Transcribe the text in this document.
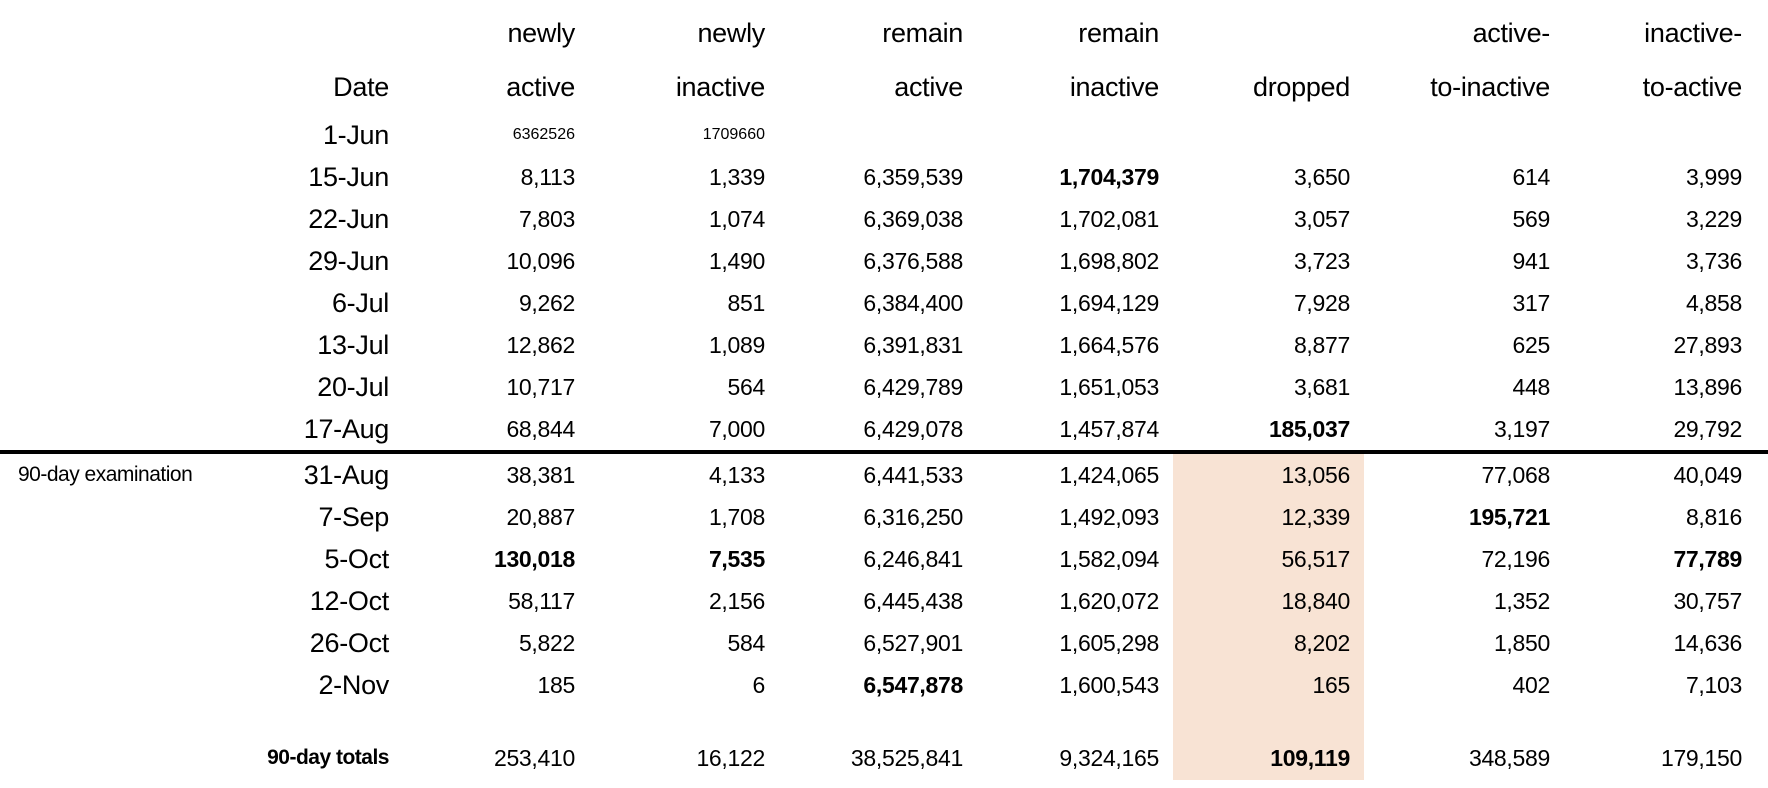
		newly	newly	remain	remain		active-	inactive-	
	Date	active	inactive	active	inactive	dropped	to-inactive	to-active	
	1-Jun	6362526	1709660						
	15-Jun	8,113	1,339	6,359,539	1,704,379	3,650	614	3,999	
	22-Jun	7,803	1,074	6,369,038	1,702,081	3,057	569	3,229	
	29-Jun	10,096	1,490	6,376,588	1,698,802	3,723	941	3,736	
	6-Jul	9,262	851	6,384,400	1,694,129	7,928	317	4,858	
	13-Jul	12,862	1,089	6,391,831	1,664,576	8,877	625	27,893	
	20-Jul	10,717	564	6,429,789	1,651,053	3,681	448	13,896	
	17-Aug	68,844	7,000	6,429,078	1,457,874	185,037	3,197	29,792	
90-day examination	31-Aug	38,381	4,133	6,441,533	1,424,065	13,056	77,068	40,049	
	7-Sep	20,887	1,708	6,316,250	1,492,093	12,339	195,721	8,816	
	5-Oct	130,018	7,535	6,246,841	1,582,094	56,517	72,196	77,789	
	12-Oct	58,117	2,156	6,445,438	1,620,072	18,840	1,352	30,757	
	26-Oct	5,822	584	6,527,901	1,605,298	8,202	1,850	14,636	
	2-Nov	185	6	6,547,878	1,600,543	165	402	7,103	

	90-day totals	253,410	16,122	38,525,841	9,324,165	109,119	348,589	179,150	
